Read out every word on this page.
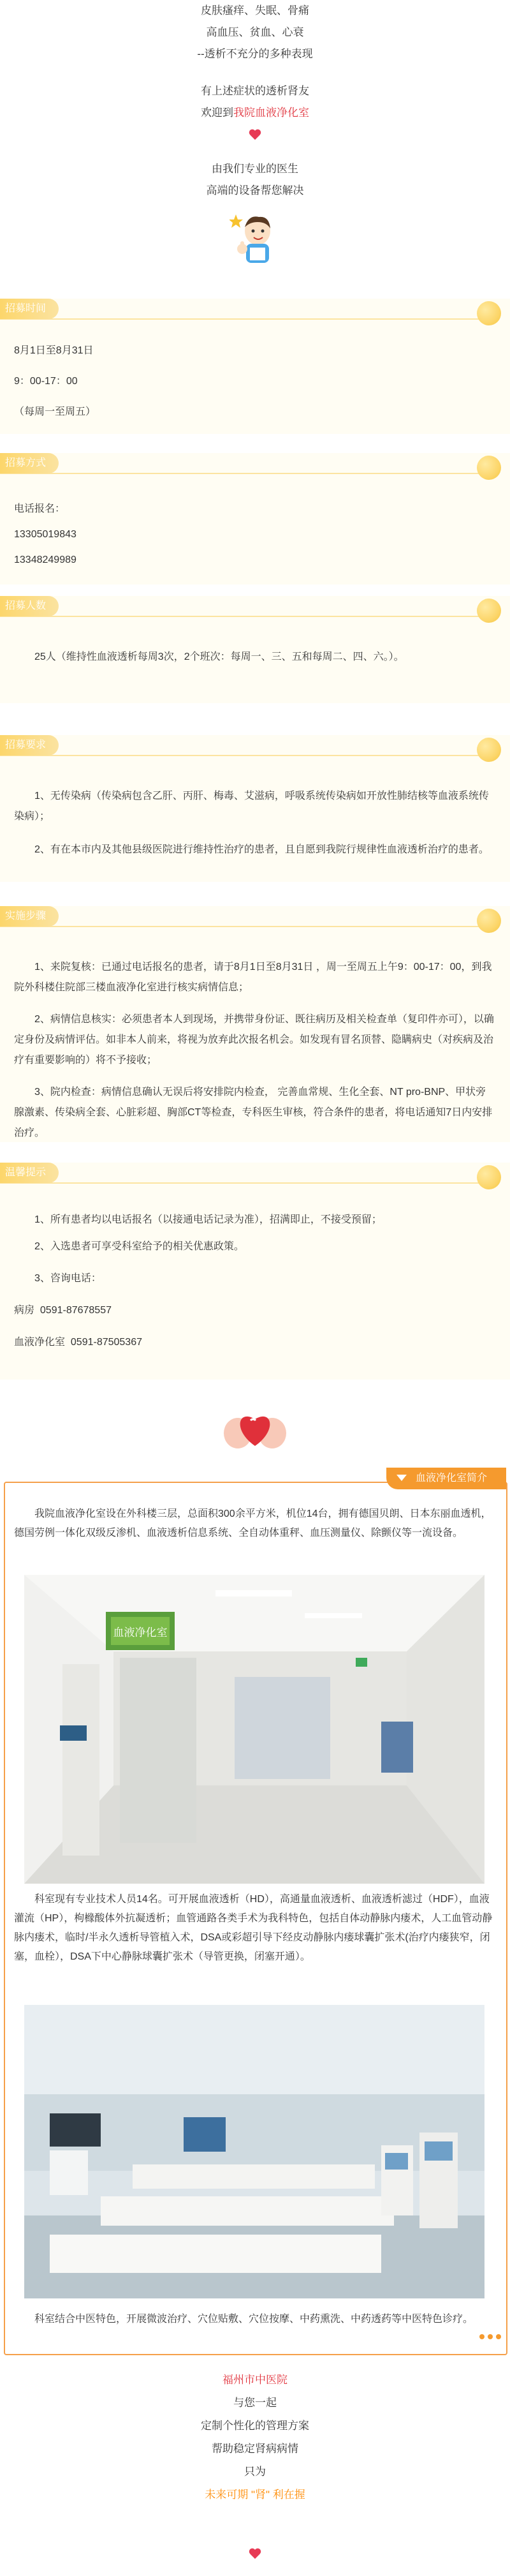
皮肤瘙痒、失眠、骨痛
高血压、贫血、心衰
--透析不充分的多种表现
有上述症状的透析肾友
欢迎到我院血液净化室
由我们专业的医生
高端的设备帮您解决
招募时间
8月1日至8月31日
9：00-17：00
（每周一至周五）
招募方式
电话报名：
13305019843
13348249989
招募人数
25人（维持性血液透析每周3次，2个班次：每周一、三、五和每周二、四、六。）。
招募要求

1、无传染病（传染病包含乙肝、丙肝、梅毒、艾滋病，呼吸系统传染病如开放性肺结核等血液系统传染病）；

2、有在本市内及其他县级医院进行维持性治疗的患者，且自愿到我院行规律性血液透析治疗的患者。

实施步骤

1、来院复核：已通过电话报名的患者，请于8月1日至8月31日 ，周一至周五上午9：00-17：00，到我院外科楼住院部三楼血液净化室进行核实病情信息；

2、病情信息核实：必须患者本人到现场，并携带身份证、既往病历及相关检查单（复印件亦可），以确定身份及病情评估。如非本人前来，将视为放弃此次报名机会。如发现有冒名顶替、隐瞒病史（对疾病及治疗有重要影响的）将不予接收；

3、院内检查：病情信息确认无误后将安排院内检查， 完善血常规、生化全套、NT pro-BNP、甲状旁腺激素、传染病全套、心脏彩超、胸部CT等检查，专科医生审核，符合条件的患者，将电话通知7日内安排治疗。

温馨提示
1、所有患者均以电话报名（以接通电话记录为准），招满即止，不接受预留；
2、入选患者可享受科室给予的相关优惠政策。
3、咨询电话：
病房  0591-87678557
血液净化室  0591-87505367
血液净化室简介
我院血液净化室设在外科楼三层，总面积300余平方米，机位14台，拥有德国贝朗、日本东丽血透机，德国劳例一体化双级反渗机、血液透析信息系统、全自动体重秤、血压测量仪、除颤仪等一流设备。
血液净化室
科室现有专业技术人员14名。可开展血液透析（HD），高通量血液透析、血液透析滤过（HDF），血液灌流（HP），枸橼酸体外抗凝透析；血管通路各类手术为我科特色，包括自体动静脉内瘘术，人工血管动静脉内瘘术，临时/半永久透析导管植入术，DSA或彩超引导下经皮动静脉内瘘球囊扩张术(治疗内瘘狭窄，闭塞，血栓），DSA下中心静脉球囊扩张术（导管更换，闭塞开通）。
科室结合中医特色，开展微波治疗、穴位贴敷、穴位按摩、中药熏洗、中药透药等中医特色诊疗。
福州市中医院
与您一起
定制个性化的管理方案
帮助稳定肾病病情
只为
未来可期 "肾" 利在握
